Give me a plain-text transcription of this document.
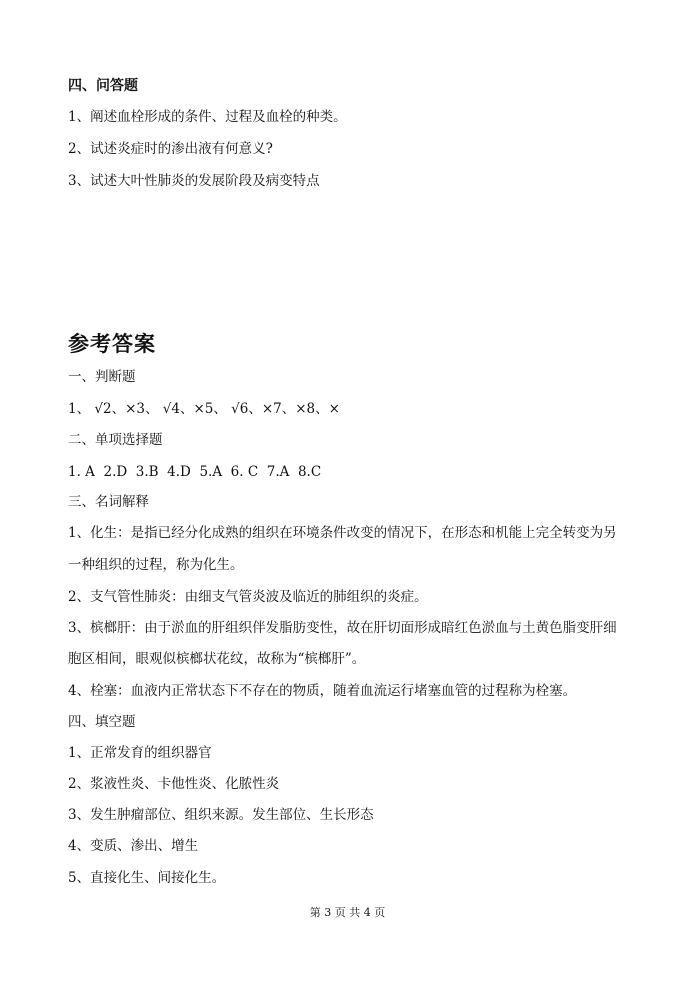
四、问答题
1、阐述血栓形成的条件、过程及血栓的种类。
2、试述炎症时的渗出液有何意义?
3、试述大叶性肺炎的发展阶段及病变特点
参考答案
一、判断题
1、 √2、×3、 √4、×5、 √6、×7、×8、×
二、单项选择题
1. A  2.D  3.B  4.D  5.A  6. C  7.A  8.C
三、名词解释
1、化生：是指已经分化成熟的组织在环境条件改变的情况下，在形态和机能上完全转变为另
一种组织的过程，称为化生。
2、支气管性肺炎：由细支气管炎波及临近的肺组织的炎症。
3、槟榔肝：由于淤血的肝组织伴发脂肪变性，故在肝切面形成暗红色淤血与土黄色脂变肝细
胞区相间，眼观似槟榔状花纹，故称为“槟榔肝”。
4、栓塞：血液内正常状态下不存在的物质，随着血流运行堵塞血管的过程称为栓塞。
四、填空题
1、正常发育的组织器官
2、浆液性炎、卡他性炎、化脓性炎
3、发生肿瘤部位、组织来源。发生部位、生长形态
4、变质、渗出、增生
5、直接化生、间接化生。
第 3 页 共 4 页
